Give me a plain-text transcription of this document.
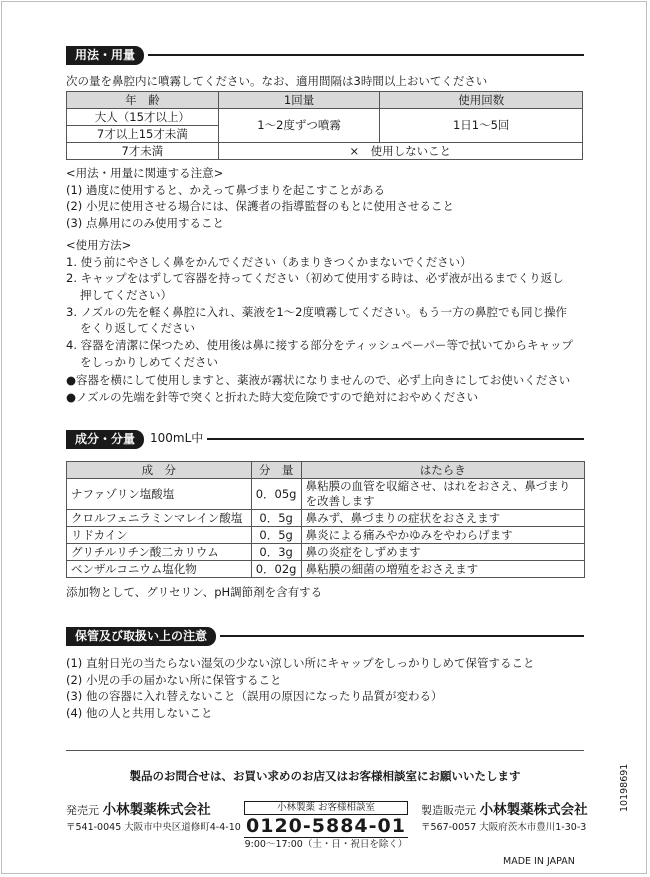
用法・用量

次の量を鼻腔内に噴霧してください。なお、適用間隔は3時間以上おいてください

年　齢	1回量	使用回数
大人（15才以上）	1～2度ずつ噴霧	1日1～5回
7才以上15才未満		
7才未満	×　使用しないこと	

<用法・用量に関連する注意>

(1) 過度に使用すると、かえって鼻づまりを起こすことがある

(2) 小児に使用させる場合には、保護者の指導監督のもとに使用させること

(3) 点鼻用にのみ使用すること

<使用方法>

1. 使う前にやさしく鼻をかんでください（あまりきつくかまないでください）

2. キャップをはずして容器を持ってください（初めて使用する時は、必ず液が出るまでくり返し

押してください）

3. ノズルの先を軽く鼻腔に入れ、薬液を1～2度噴霧してください。もう一方の鼻腔でも同じ操作

をくり返してください

4. 容器を清潔に保つため、使用後は鼻に接する部分をティッシュペーパー等で拭いてからキャップ

をしっかりしめてください

●容器を横にして使用しますと、薬液が霧状になりませんので、必ず上向きにしてお使いください

●ノズルの先端を針等で突くと折れた時大変危険ですので絶対におやめください

成分・分量	100mL中
成　分	分　量	はたらき
ナファゾリン塩酸塩	0．05g	鼻粘膜の血管を収縮させ、はれをおさえ、鼻づまり
を改善します

クロルフェニラミンマレイン酸塩	0．5g	鼻みず、鼻づまりの症状をおさえます
リドカイン	0．5g	鼻炎による痛みやかゆみをやわらげます
グリチルリチン酸二カリウム	0．3g	鼻の炎症をしずめます
ベンザルコニウム塩化物	0．02g	鼻粘膜の細菌の増殖をおさえます

添加物として、グリセリン、pH調節剤を含有する

保管及び取扱い上の注意

(1) 直射日光の当たらない湿気の少ない涼しい所にキャップをしっかりしめて保管すること

(2) 小児の手の届かない所に保管すること

(3) 他の容器に入れ替えないこと（誤用の原因になったり品質が変わる）

(4) 他の人と共用しないこと

製品のお問合せは、お買い求めのお店又はお客様相談室にお願いいたします
発売元 小林製薬株式会社
〒541-0045 大阪市中央区道修町4-4-10
小林製薬 お客様相談室
0120-5884-01
9:00～17:00（土・日・祝日を除く）
製造販売元 小林製薬株式会社
〒567-0057 大阪府茨木市豊川1-30-3
MADE IN JAPAN
10198691
